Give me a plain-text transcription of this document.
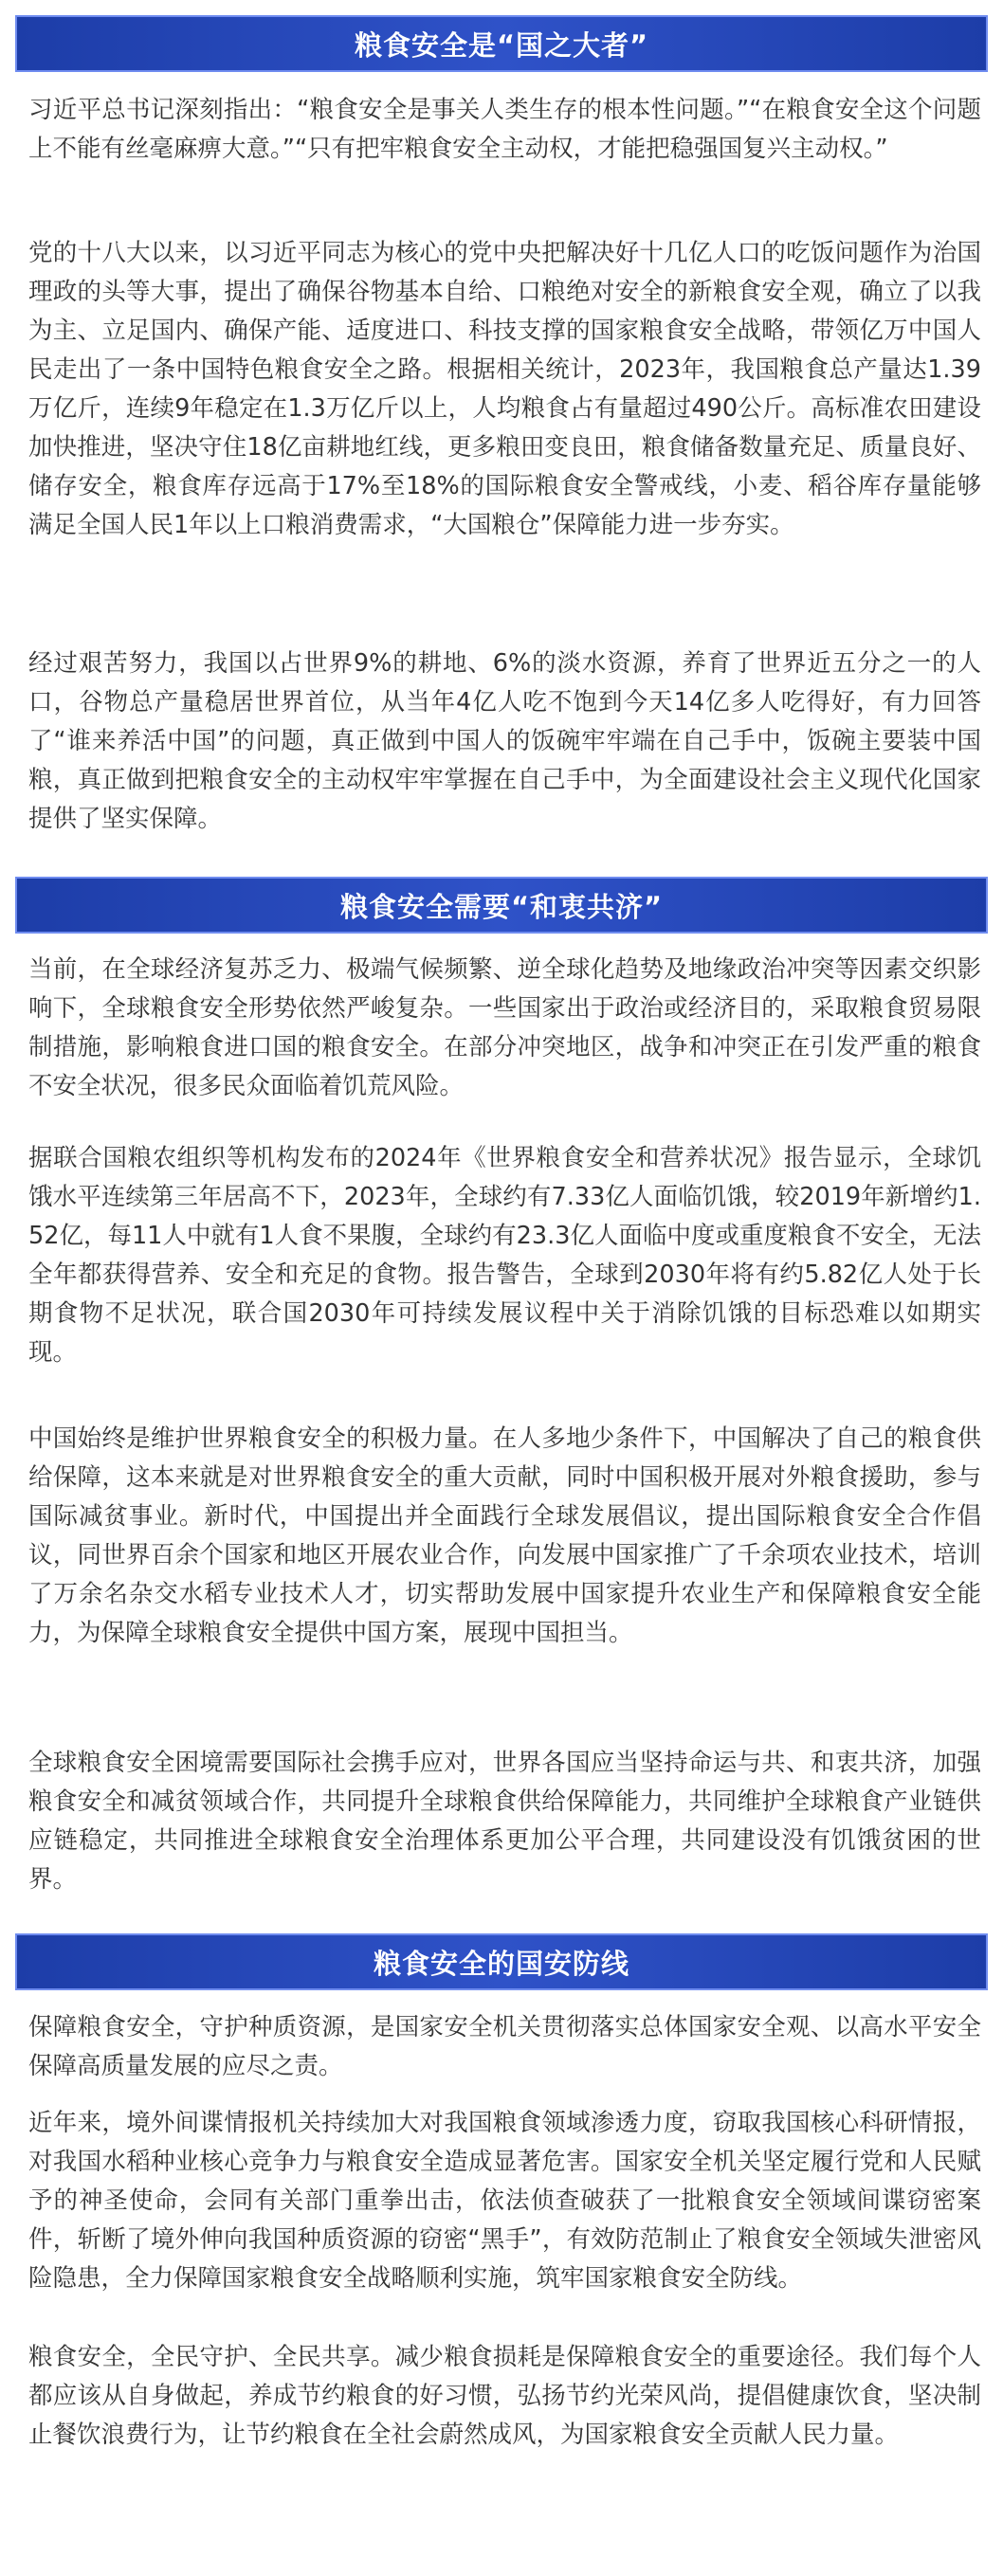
粮食安全是“国之大者”

习近平总书记深刻指出：“粮食安全是事关人类生存的根本性问题。”“在粮食安全这个问题上不能有丝毫麻痹大意。”“只有把牢粮食安全主动权，才能把稳强国复兴主动权。”

党的十八大以来，以习近平同志为核心的党中央把解决好十几亿人口的吃饭问题作为治国理政的头等大事，提出了确保谷物基本自给、口粮绝对安全的新粮食安全观，确立了以我为主、立足国内、确保产能、适度进口、科技支撑的国家粮食安全战略，带领亿万中国人民走出了一条中国特色粮食安全之路。根据相关统计，2023年，我国粮食总产量达1.39万亿斤，连续9年稳定在1.3万亿斤以上，人均粮食占有量超过490公斤。高标准农田建设加快推进，坚决守住18亿亩耕地红线，更多粮田变良田，粮食储备数量充足、质量良好、储存安全，粮食库存远高于17%至18%的国际粮食安全警戒线，小麦、稻谷库存量能够满足全国人民1年以上口粮消费需求，“大国粮仓”保障能力进一步夯实。

经过艰苦努力，我国以占世界9%的耕地、6%的淡水资源，养育了世界近五分之一的人口，谷物总产量稳居世界首位，从当年4亿人吃不饱到今天14亿多人吃得好，有力回答了“谁来养活中国”的问题，真正做到中国人的饭碗牢牢端在自己手中，饭碗主要装中国粮，真正做到把粮食安全的主动权牢牢掌握在自己手中，为全面建设社会主义现代化国家提供了坚实保障。

粮食安全需要“和衷共济”

当前，在全球经济复苏乏力、极端气候频繁、逆全球化趋势及地缘政治冲突等因素交织影响下，全球粮食安全形势依然严峻复杂。一些国家出于政治或经济目的，采取粮食贸易限制措施，影响粮食进口国的粮食安全。在部分冲突地区，战争和冲突正在引发严重的粮食不安全状况，很多民众面临着饥荒风险。

据联合国粮农组织等机构发布的2024年《世界粮食安全和营养状况》报告显示，全球饥饿水平连续第三年居高不下，2023年，全球约有7.33亿人面临饥饿，较2019年新增约1.52亿，每11人中就有1人食不果腹，全球约有23.3亿人面临中度或重度粮食不安全，无法全年都获得营养、安全和充足的食物。报告警告，全球到2030年将有约5.82亿人处于长期食物不足状况，联合国2030年可持续发展议程中关于消除饥饿的目标恐难以如期实现。

中国始终是维护世界粮食安全的积极力量。在人多地少条件下，中国解决了自己的粮食供给保障，这本来就是对世界粮食安全的重大贡献，同时中国积极开展对外粮食援助，参与国际减贫事业。新时代，中国提出并全面践行全球发展倡议，提出国际粮食安全合作倡议，同世界百余个国家和地区开展农业合作，向发展中国家推广了千余项农业技术，培训了万余名杂交水稻专业技术人才，切实帮助发展中国家提升农业生产和保障粮食安全能力，为保障全球粮食安全提供中国方案，展现中国担当。

全球粮食安全困境需要国际社会携手应对，世界各国应当坚持命运与共、和衷共济，加强粮食安全和减贫领域合作，共同提升全球粮食供给保障能力，共同维护全球粮食产业链供应链稳定，共同推进全球粮食安全治理体系更加公平合理，共同建设没有饥饿贫困的世界。

粮食安全的国安防线

保障粮食安全，守护种质资源，是国家安全机关贯彻落实总体国家安全观、以高水平安全保障高质量发展的应尽之责。

近年来，境外间谍情报机关持续加大对我国粮食领域渗透力度，窃取我国核心科研情报，对我国水稻种业核心竞争力与粮食安全造成显著危害。国家安全机关坚定履行党和人民赋予的神圣使命，会同有关部门重拳出击，依法侦查破获了一批粮食安全领域间谍窃密案件，斩断了境外伸向我国种质资源的窃密“黑手”，有效防范制止了粮食安全领域失泄密风险隐患，全力保障国家粮食安全战略顺利实施，筑牢国家粮食安全防线。

粮食安全，全民守护、全民共享。减少粮食损耗是保障粮食安全的重要途径。我们每个人都应该从自身做起，养成节约粮食的好习惯，弘扬节约光荣风尚，提倡健康饮食，坚决制止餐饮浪费行为，让节约粮食在全社会蔚然成风，为国家粮食安全贡献人民力量。
